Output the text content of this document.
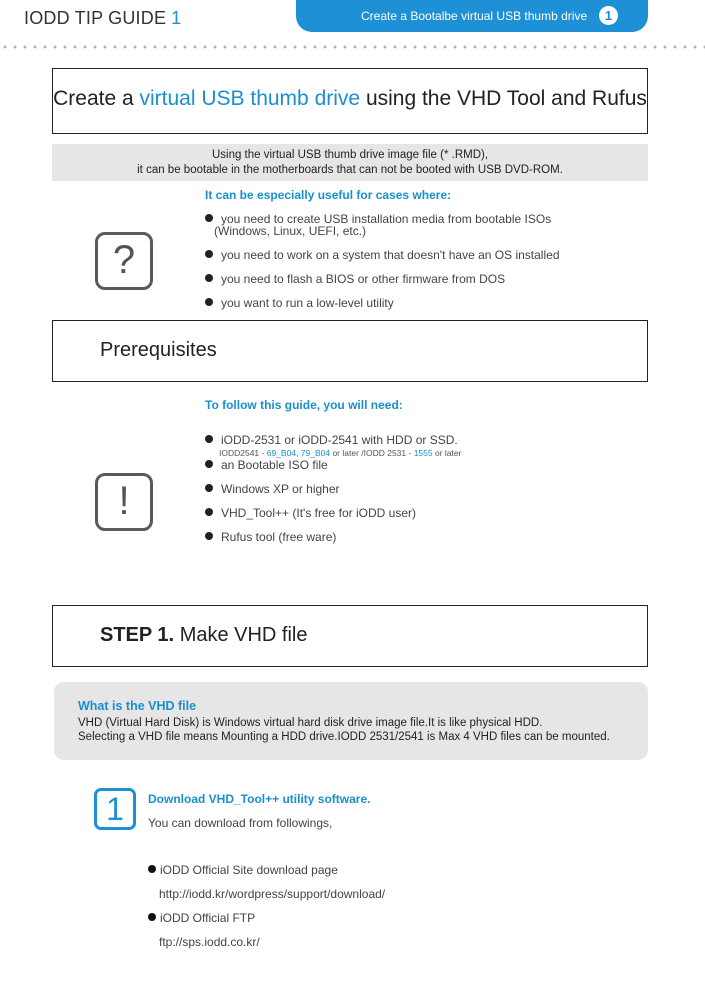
IODD TIP GUIDE 1	Create a Bootalbe virtual USB thumb drive	1
Create a virtual USB thumb drive using the VHD Tool and Rufus
Using the virtual USB thumb drive image file (* .RMD),
it can be bootable in the motherboards that can not be booted with USB DVD-ROM.
It can be especially useful for cases where:
?
you need to create USB installation media from bootable ISOs
(Windows, Linux, UEFI, etc.)
you need to work on a system that doesn't have an OS installed
you need to flash a BIOS or other firmware from DOS
you want to run a low-level utility
Prerequisites
To follow this guide, you will need:
!
iODD-2531 or iODD-2541 with HDD or SSD.
IODD2541 - 69_B04, 79_B04 or later /IODD 2531 - 1555 or later
an Bootable ISO file
Windows XP or higher
VHD_Tool++ (It's free for iODD user)
Rufus tool (free ware)
STEP 1. Make VHD file
What is the VHD file
VHD (Virtual Hard Disk) is Windows virtual hard disk drive image file.It is like physical HDD.
Selecting a VHD file means Mounting a HDD drive.IODD 2531/2541 is Max 4 VHD files can be mounted.
1	Download VHD_Tool++ utility software.
You can download from followings,
iODD Official Site download page
http://iodd.kr/wordpress/support/download/
iODD Official FTP
ftp://sps.iodd.co.kr/
